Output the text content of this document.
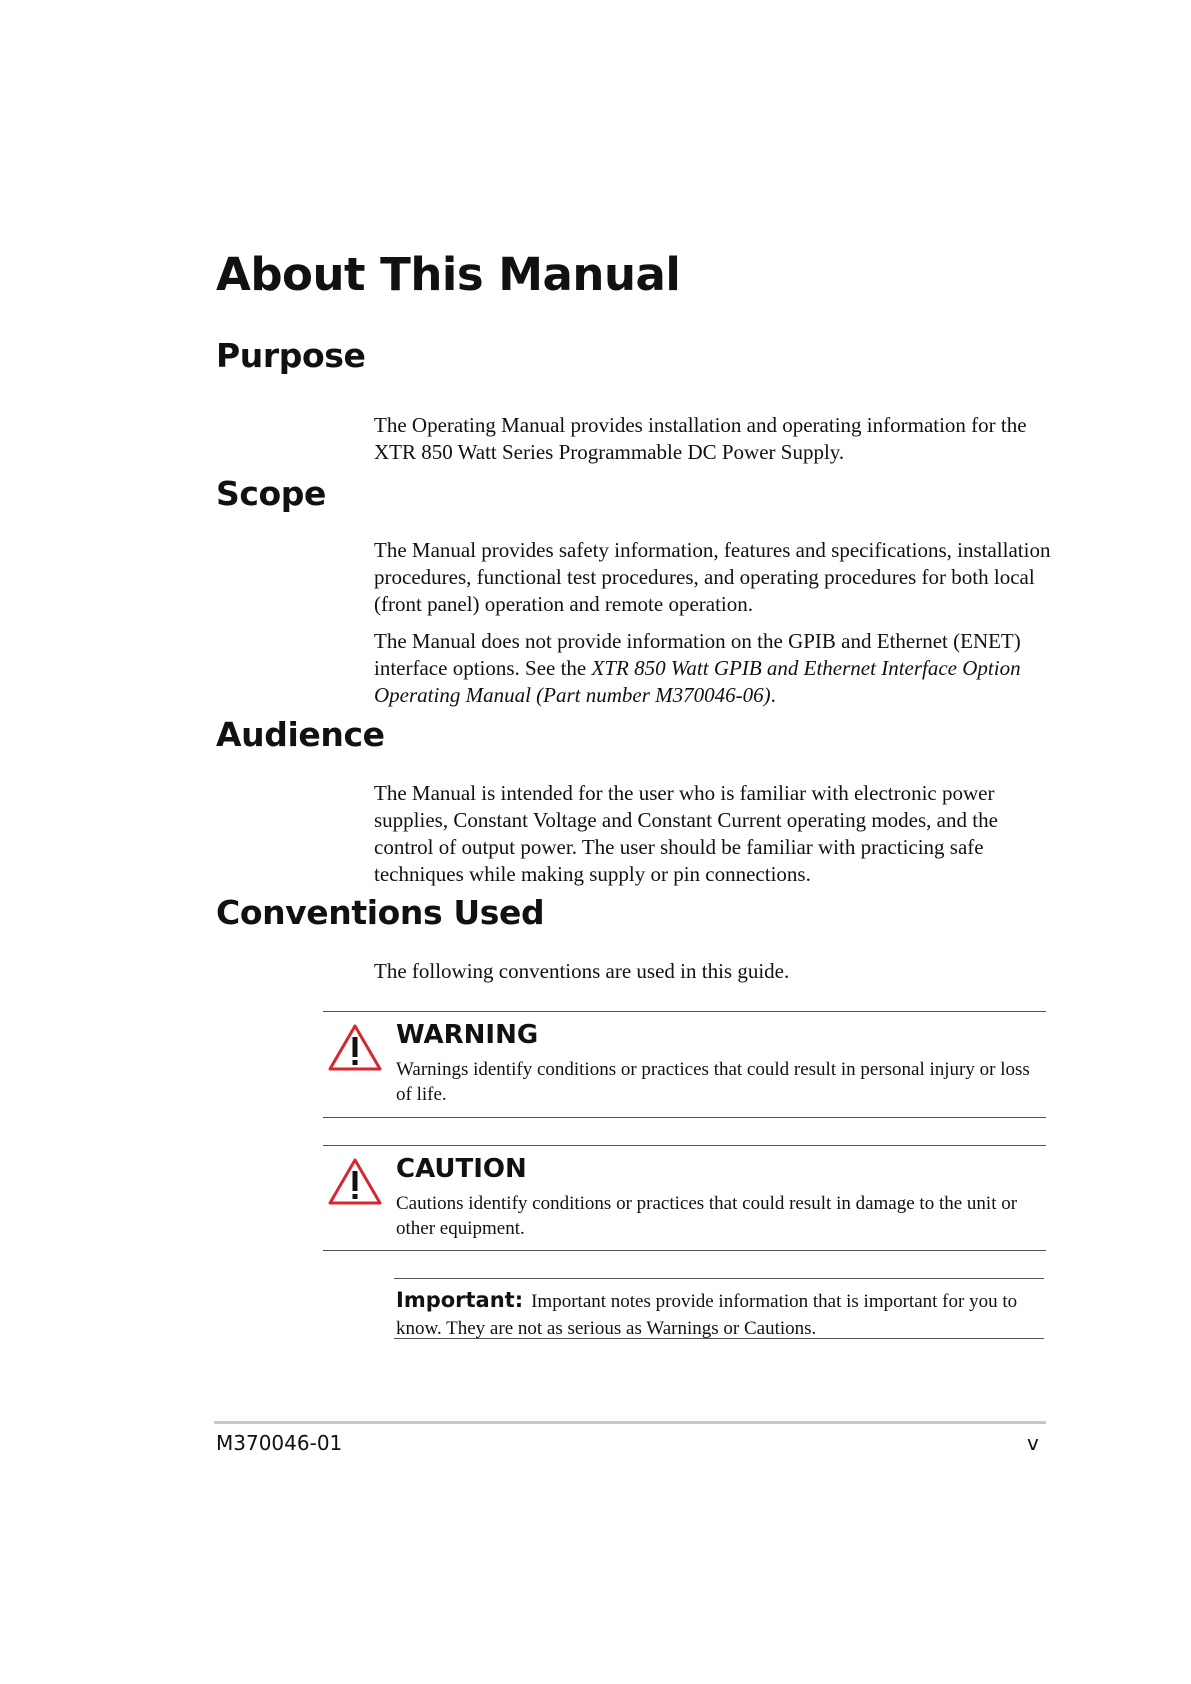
About This Manual
Purpose

The Operating Manual provides installation and operating information for the XTR 850 Watt Series Programmable DC Power Supply.

Scope

The Manual provides safety information, features and specifications, installation procedures, functional test procedures, and operating procedures for both local (front panel) operation and remote operation.

The Manual does not provide information on the GPIB and Ethernet (ENET) interface options. See the XTR 850 Watt GPIB and Ethernet Interface Option Operating Manual (Part number M370046-06).

Audience

The Manual is intended for the user who is familiar with electronic power supplies, Constant Voltage and Constant Current operating modes, and the control of output power. The user should be familiar with practicing safe techniques while making supply or pin connections.

Conventions Used

The following conventions are used in this guide.

WARNING

Warnings identify conditions or practices that could result in personal injury or loss of life.

CAUTION

Cautions identify conditions or practices that could result in damage to the unit or other equipment.

Important: Important notes provide information that is important for you to know. They are not as serious as Warnings or Cautions.

M370046-01	v
